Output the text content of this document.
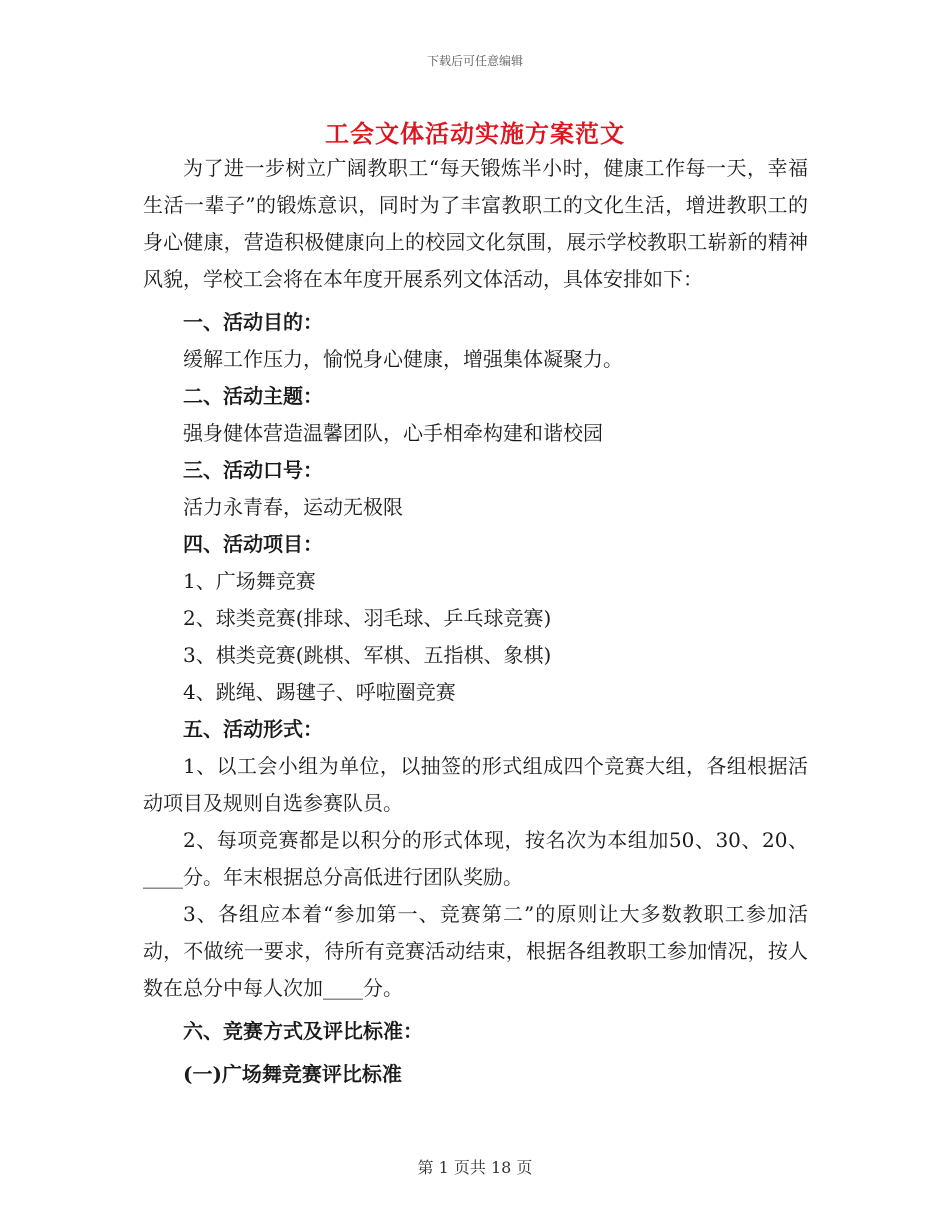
下载后可任意编辑
工会文体活动实施方案范文

为了进一步树立广阔教职工“每天锻炼半小时，健康工作每一天，幸福生活一辈子”的锻炼意识，同时为了丰富教职工的文化生活，增进教职工的身心健康，营造积极健康向上的校园文化氛围，展示学校教职工崭新的精神风貌，学校工会将在本年度开展系列文体活动，具体安排如下：

一、活动目的：

缓解工作压力，愉悦身心健康，增强集体凝聚力。

二、活动主题：

强身健体营造温馨团队，心手相牵构建和谐校园

三、活动口号：

活力永青春，运动无极限

四、活动项目：

1、广场舞竞赛

2、球类竞赛(排球、羽毛球、乒乓球竞赛)

3、棋类竞赛(跳棋、军棋、五指棋、象棋)

4、跳绳、踢毽子、呼啦圈竞赛

五、活动形式：

1、以工会小组为单位，以抽签的形式组成四个竞赛大组，各组根据活动项目及规则自选参赛队员。

2、每项竞赛都是以积分的形式体现，按名次为本组加50、30、20、____分。年末根据总分高低进行团队奖励。

3、各组应本着“参加第一、竞赛第二”的原则让大多数教职工参加活动，不做统一要求，待所有竞赛活动结束，根据各组教职工参加情况，按人数在总分中每人次加____分。

六、竞赛方式及评比标准：

(一)广场舞竞赛评比标准

第 1 页共 18 页
